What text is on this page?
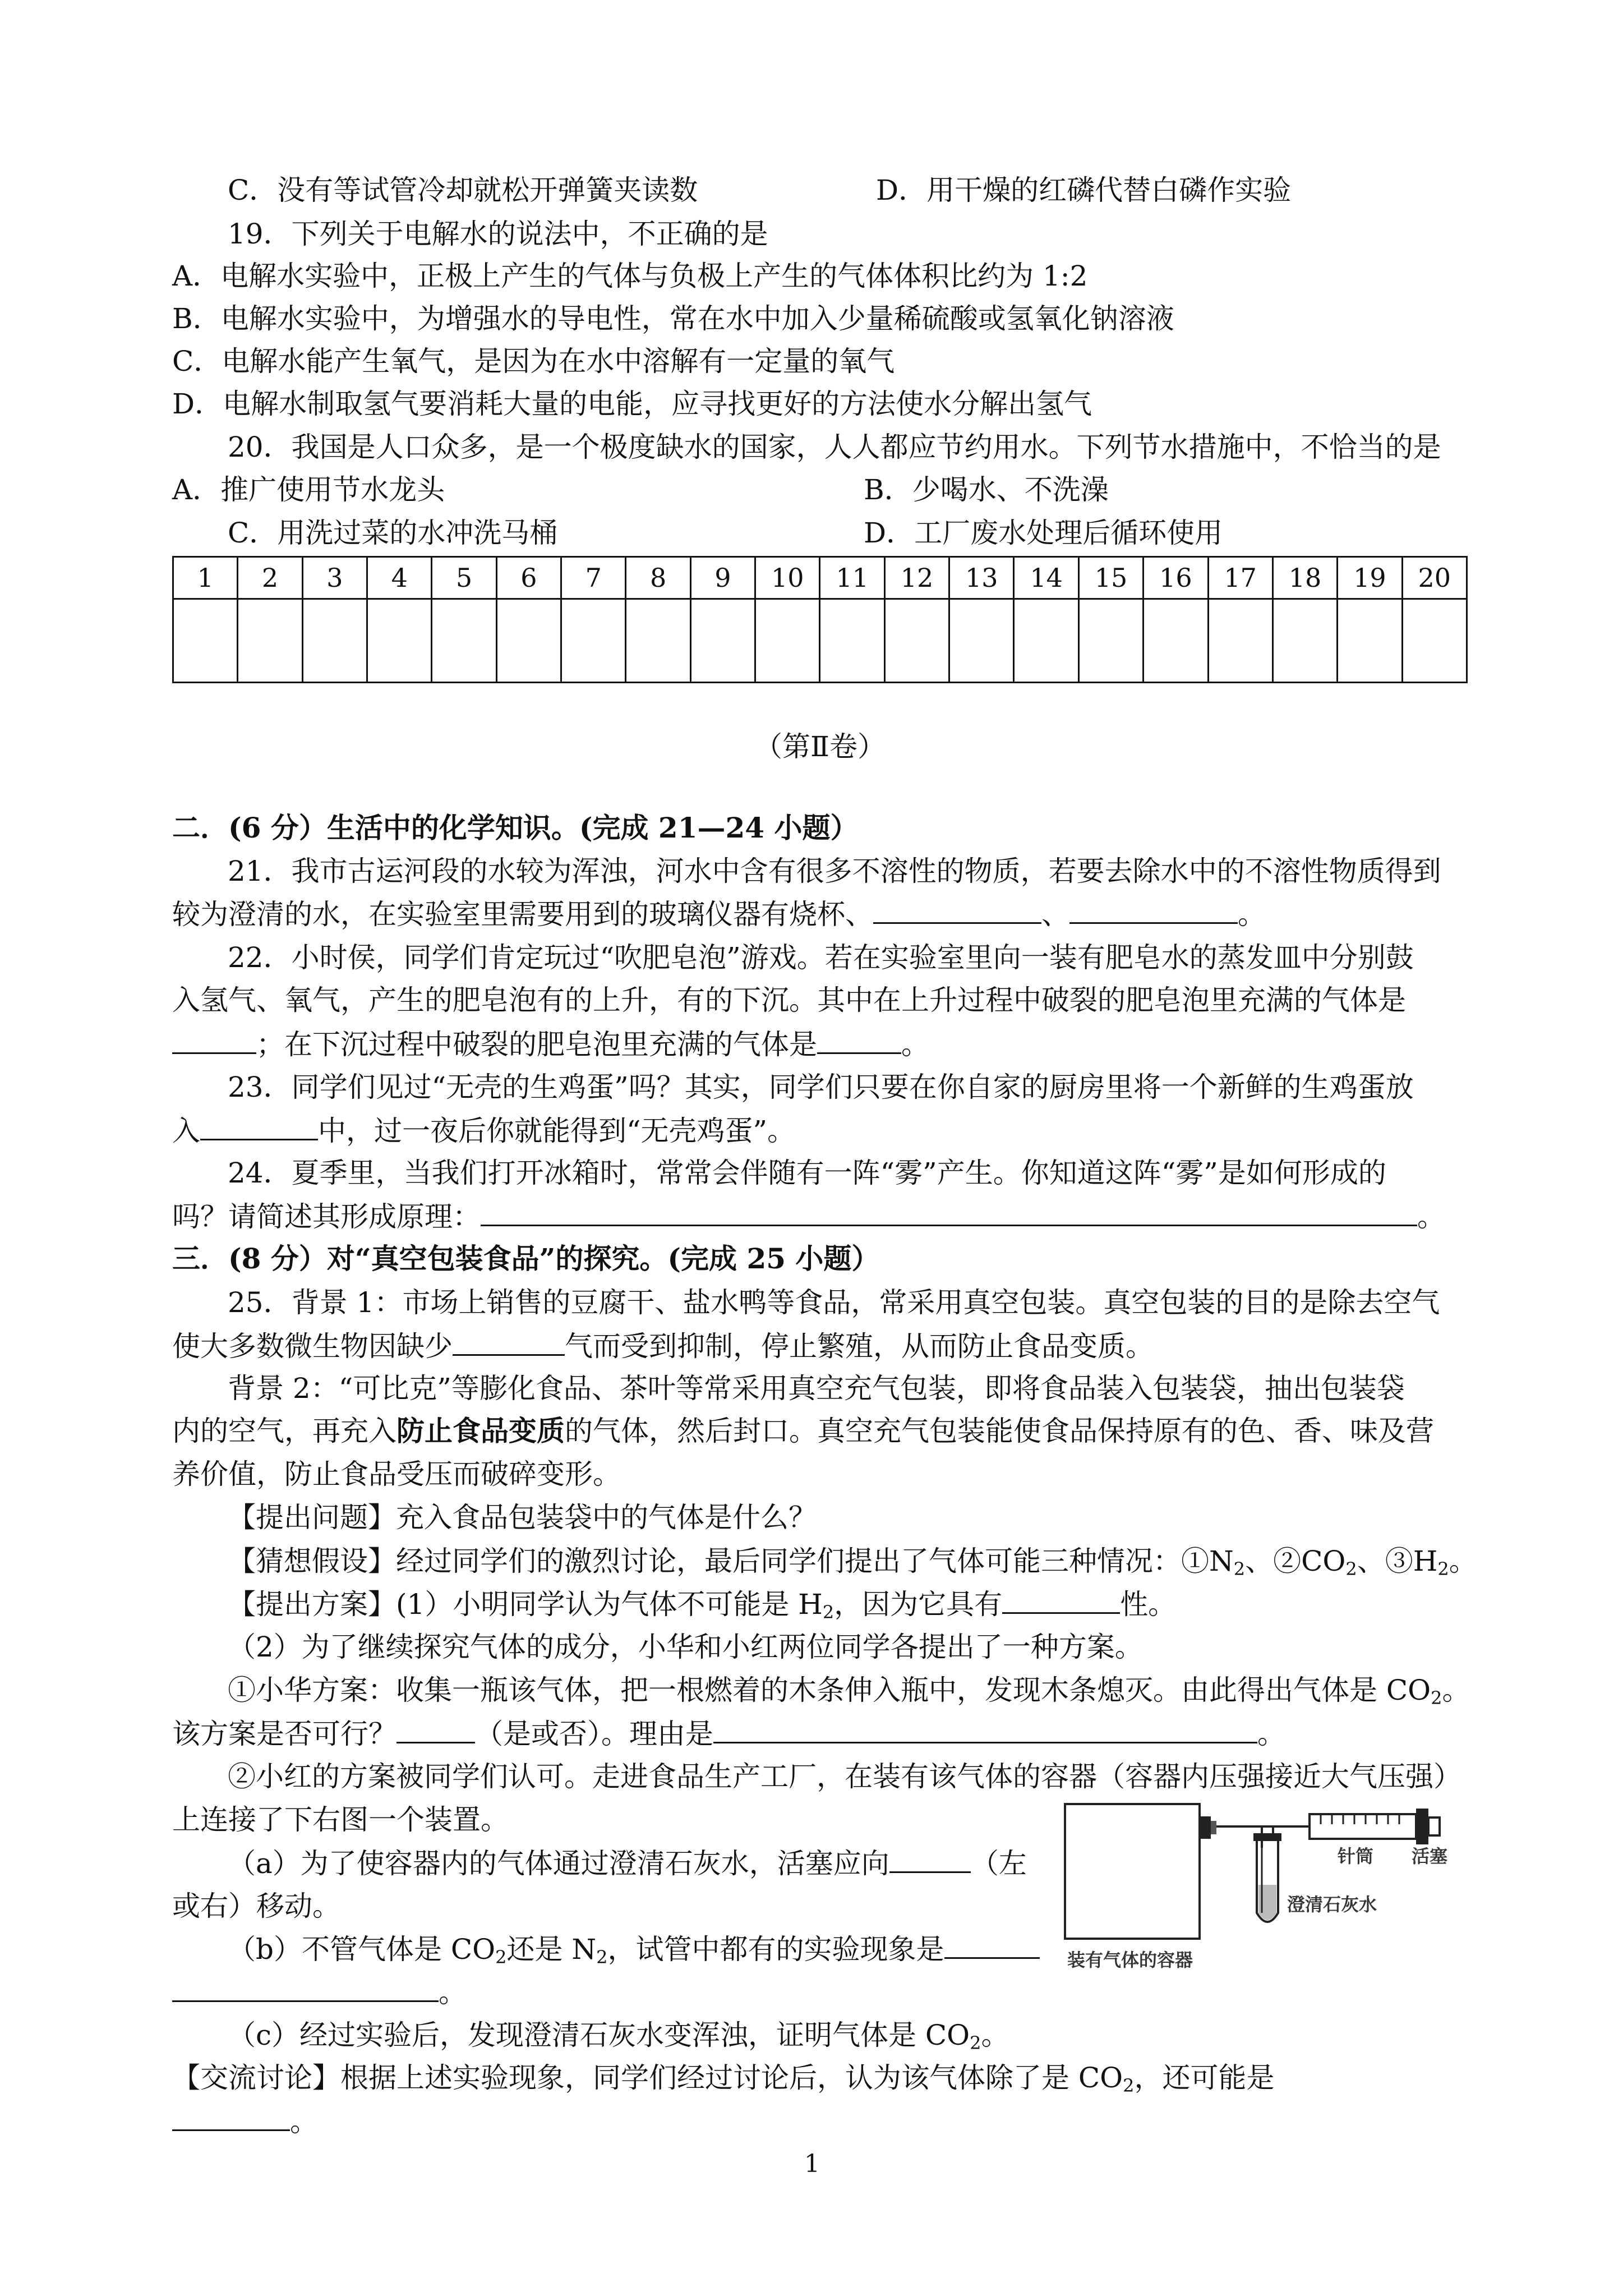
C．没有等试管冷却就松开弹簧夹读数	D．用干燥的红磷代替白磷作实验
19．下列关于电解水的说法中，不正确的是
A．电解水实验中，正极上产生的气体与负极上产生的气体体积比约为 1:2
B．电解水实验中，为增强水的导电性，常在水中加入少量稀硫酸或氢氧化钠溶液
C．电解水能产生氧气，是因为在水中溶解有一定量的氧气
D．电解水制取氢气要消耗大量的电能，应寻找更好的方法使水分解出氢气
20．我国是人口众多，是一个极度缺水的国家，人人都应节约用水。下列节水措施中，不恰当的是
A．推广使用节水龙头	B．少喝水、不洗澡
C．用洗过菜的水冲洗马桶	D．工厂废水处理后循环使用
1	2	3	4	5	6	7	8	9	10	11	12	13	14	15	16	17	18	19	20

（第Ⅱ卷）
二．(6 分）生活中的化学知识。(完成 21—24 小题）
21．我市古运河段的水较为浑浊，河水中含有很多不溶性的物质，若要去除水中的不溶性物质得到
较为澄清的水，在实验室里需要用到的玻璃仪器有烧杯、	、	。
22．小时侯，同学们肯定玩过“吹肥皂泡”游戏。若在实验室里向一装有肥皂水的蒸发皿中分别鼓
入氢气、氧气，产生的肥皂泡有的上升，有的下沉。其中在上升过程中破裂的肥皂泡里充满的气体是
；在下沉过程中破裂的肥皂泡里充满的气体是	。
23．同学们见过“无壳的生鸡蛋”吗？其实，同学们只要在你自家的厨房里将一个新鲜的生鸡蛋放
入	中，过一夜后你就能得到“无壳鸡蛋”。
24．夏季里，当我们打开冰箱时，常常会伴随有一阵“雾”产生。你知道这阵“雾”是如何形成的
吗？请简述其形成原理：	。
三．(8 分）对“真空包装食品”的探究。(完成 25 小题）
25．背景 1：市场上销售的豆腐干、盐水鸭等食品，常采用真空包装。真空包装的目的是除去空气
使大多数微生物因缺少	气而受到抑制，停止繁殖，从而防止食品变质。
背景 2：“可比克”等膨化食品、茶叶等常采用真空充气包装，即将食品装入包装袋，抽出包装袋
内的空气，再充入防止食品变质的气体，然后封口。真空充气包装能使食品保持原有的色、香、味及营
养价值，防止食品受压而破碎变形。
【提出问题】充入食品包装袋中的气体是什么？
【猜想假设】经过同学们的激烈讨论，最后同学们提出了气体可能三种情况：$①N_2$、$②CO_2$、$③H_2$。
【提出方案】(1）小明同学认为气体不可能是 $H_2$，因为它具有	性。
（2）为了继续探究气体的成分，小华和小红两位同学各提出了一种方案。
①小华方案：收集一瓶该气体，把一根燃着的木条伸入瓶中，发现木条熄灭。由此得出气体是 $CO_2$。
该方案是否可行？	（是或否）。理由是	。
②小红的方案被同学们认可。走进食品生产工厂，在装有该气体的容器（容器内压强接近大气压强）
上连接了下右图一个装置。
（a）为了使容器内的气体通过澄清石灰水，活塞应向	（左
或右）移动。
（b）不管气体是 $CO_2$还是 $N_2$，试管中都有的实验现象是
。
（c）经过实验后，发现澄清石灰水变浑浊，证明气体是 $CO_2$。
【交流讨论】根据上述实验现象，同学们经过讨论后，认为该气体除了是 $CO_2$，还可能是
。
1
针筒 活塞
澄清石灰水
装有气体的容器
